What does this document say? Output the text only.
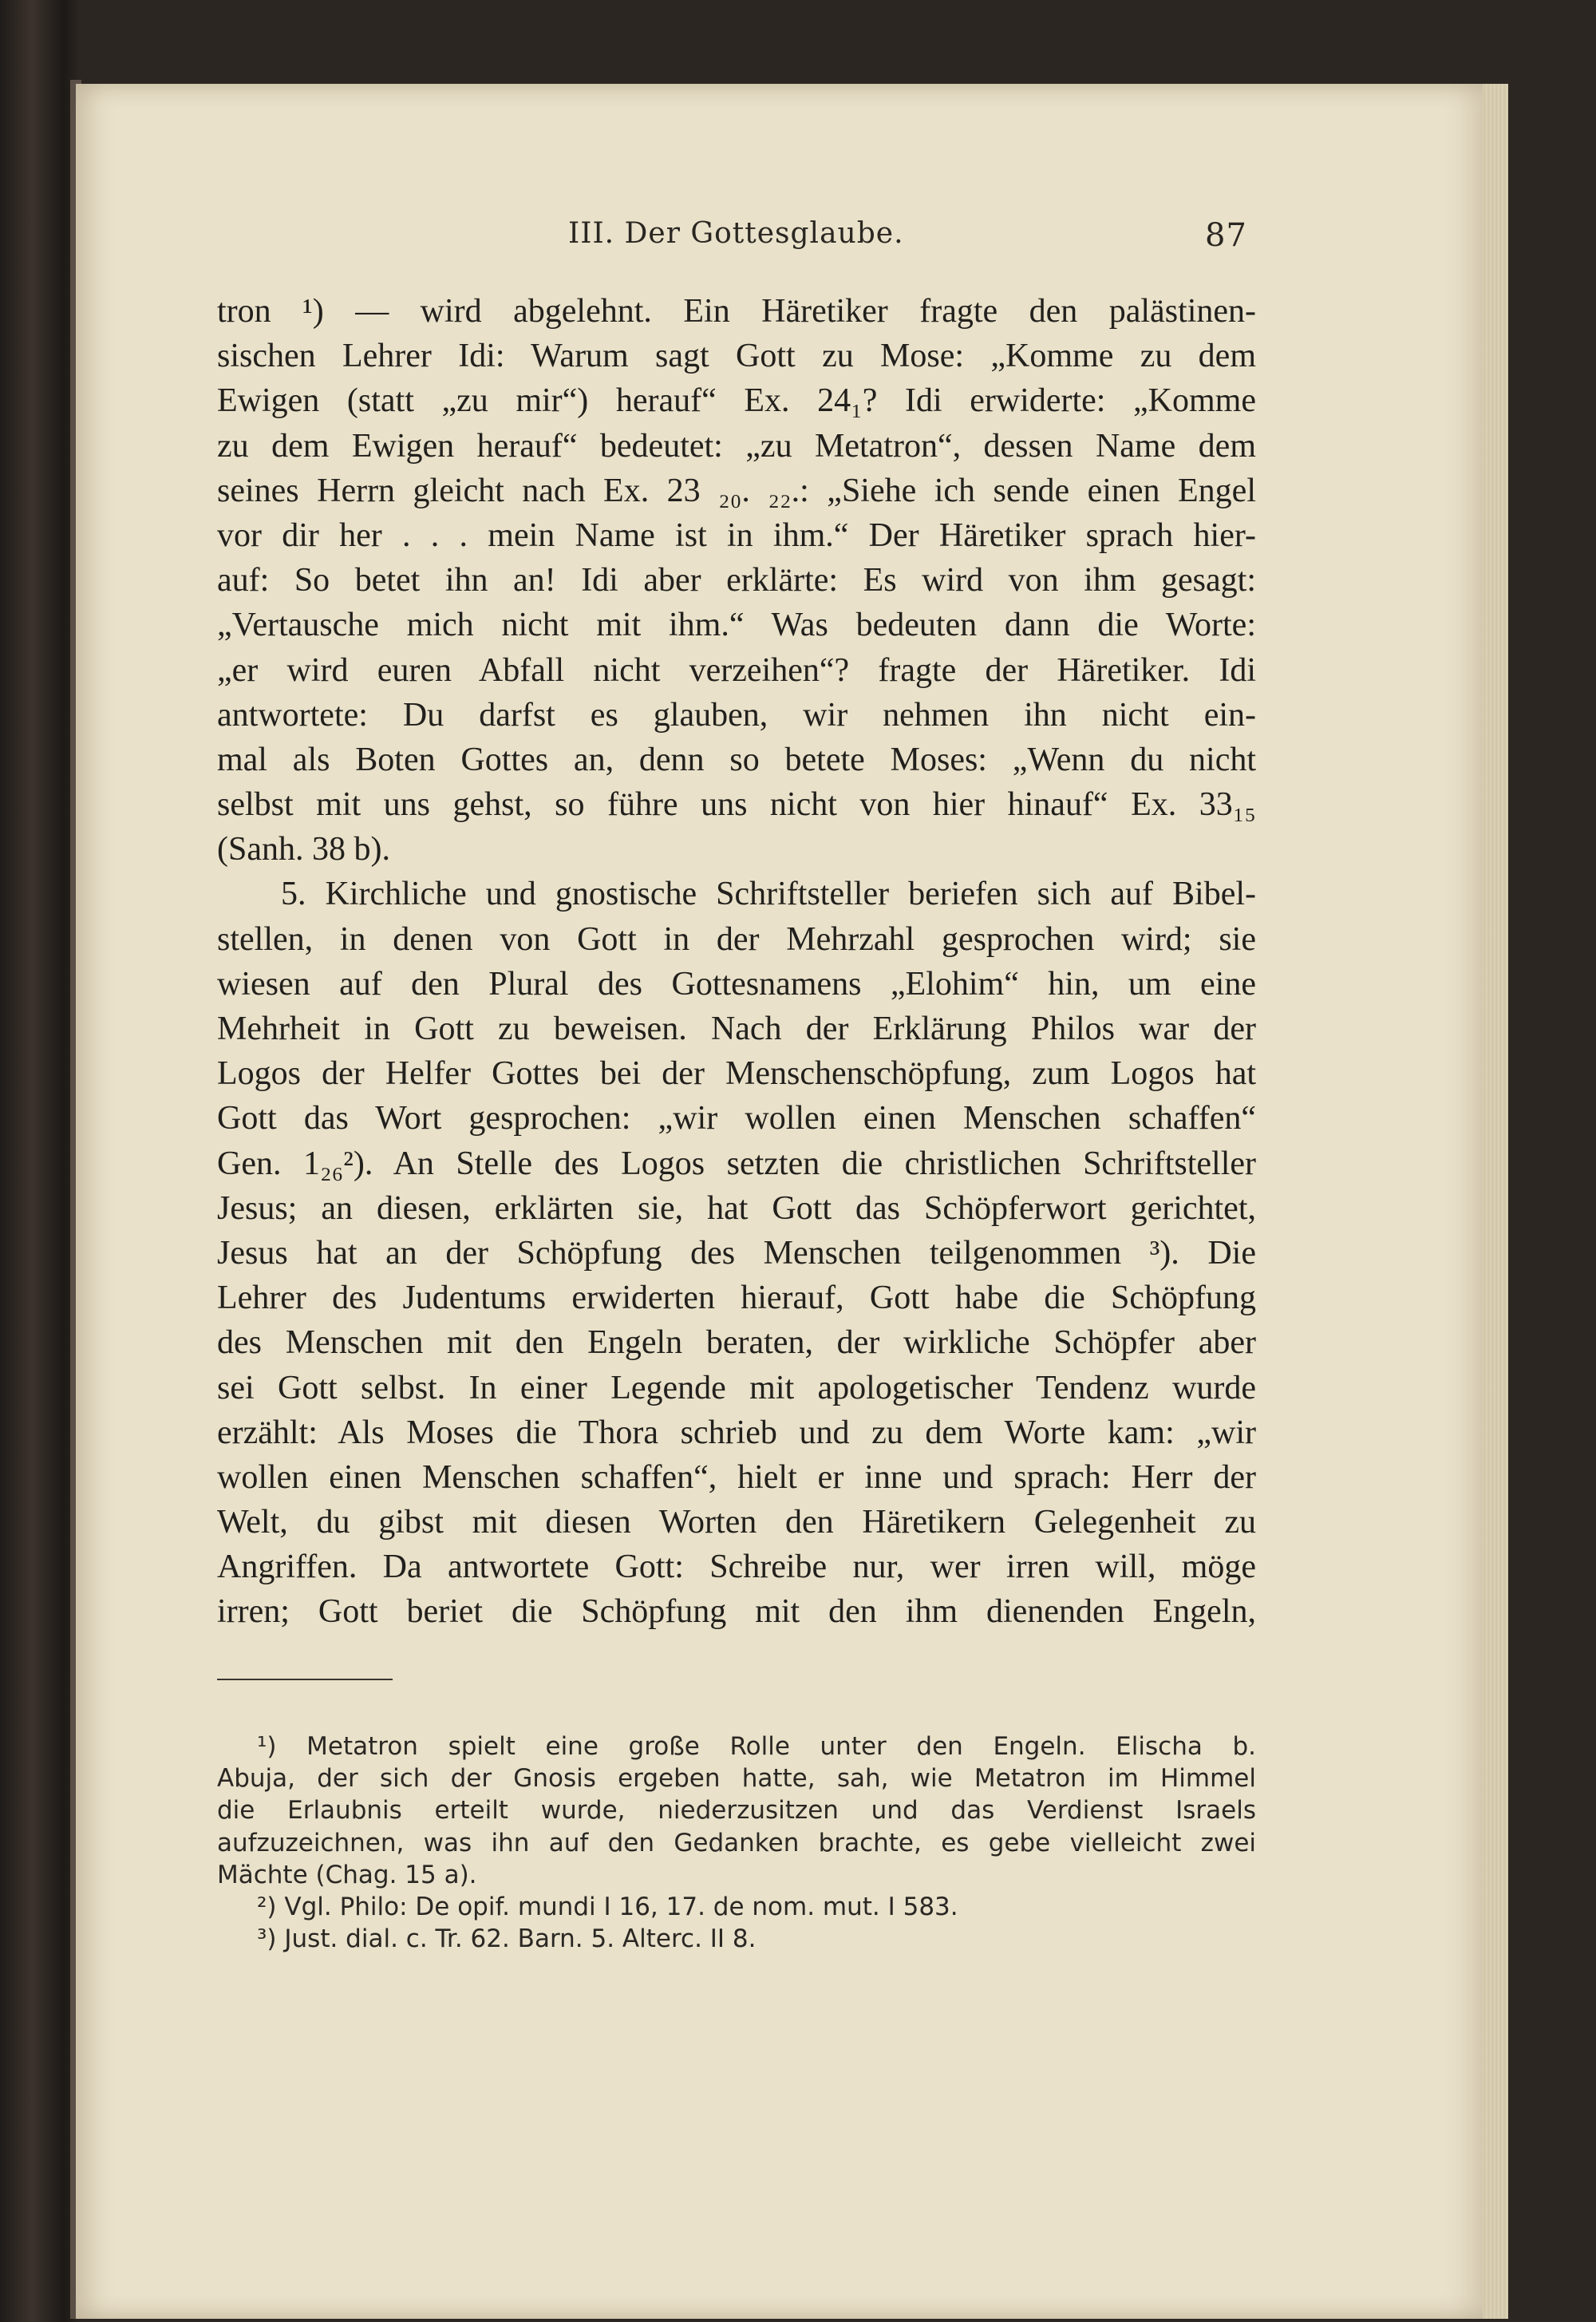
III. Der Gottesglaube.	87
tron ¹) — wird abgelehnt. Ein Häretiker fragte den palästinen-
sischen Lehrer Idi: Warum sagt Gott zu Mose: „Komme zu dem
Ewigen (statt „zu mir“) herauf“ Ex. 24₁? Idi erwiderte: „Komme
zu dem Ewigen herauf“ bedeutet: „zu Metatron“, dessen Name dem
seines Herrn gleicht nach Ex. 23 ₂₀. ₂₂.: „Siehe ich sende einen Engel
vor dir her . . . mein Name ist in ihm.“ Der Häretiker sprach hier-
auf: So betet ihn an! Idi aber erklärte: Es wird von ihm gesagt:
„Vertausche mich nicht mit ihm.“ Was bedeuten dann die Worte:
„er wird euren Abfall nicht verzeihen“? fragte der Häretiker. Idi
antwortete: Du darfst es glauben, wir nehmen ihn nicht ein-
mal als Boten Gottes an, denn so betete Moses: „Wenn du nicht
selbst mit uns gehst, so führe uns nicht von hier hinauf“ Ex. 33₁₅
(Sanh. 38 b).
5. Kirchliche und gnostische Schriftsteller beriefen sich auf Bibel-
stellen, in denen von Gott in der Mehrzahl gesprochen wird; sie
wiesen auf den Plural des Gottesnamens „Elohim“ hin, um eine
Mehrheit in Gott zu beweisen. Nach der Erklärung Philos war der
Logos der Helfer Gottes bei der Menschenschöpfung, zum Logos hat
Gott das Wort gesprochen: „wir wollen einen Menschen schaffen“
Gen. 1₂₆²). An Stelle des Logos setzten die christlichen Schriftsteller
Jesus; an diesen, erklärten sie, hat Gott das Schöpferwort gerichtet,
Jesus hat an der Schöpfung des Menschen teilgenommen ³). Die
Lehrer des Judentums erwiderten hierauf, Gott habe die Schöpfung
des Menschen mit den Engeln beraten, der wirkliche Schöpfer aber
sei Gott selbst. In einer Legende mit apologetischer Tendenz wurde
erzählt: Als Moses die Thora schrieb und zu dem Worte kam: „wir
wollen einen Menschen schaffen“, hielt er inne und sprach: Herr der
Welt, du gibst mit diesen Worten den Häretikern Gelegenheit zu
Angriffen. Da antwortete Gott: Schreibe nur, wer irren will, möge
irren; Gott beriet die Schöpfung mit den ihm dienenden Engeln,
¹) Metatron spielt eine große Rolle unter den Engeln. Elischa b.
Abuja, der sich der Gnosis ergeben hatte, sah, wie Metatron im Himmel
die Erlaubnis erteilt wurde, niederzusitzen und das Verdienst Israels
aufzuzeichnen, was ihn auf den Gedanken brachte, es gebe vielleicht zwei
Mächte (Chag. 15 a).
²) Vgl. Philo: De opif. mundi I 16, 17. de nom. mut. I 583.
³) Just. dial. c. Tr. 62. Barn. 5. Alterc. II 8.
